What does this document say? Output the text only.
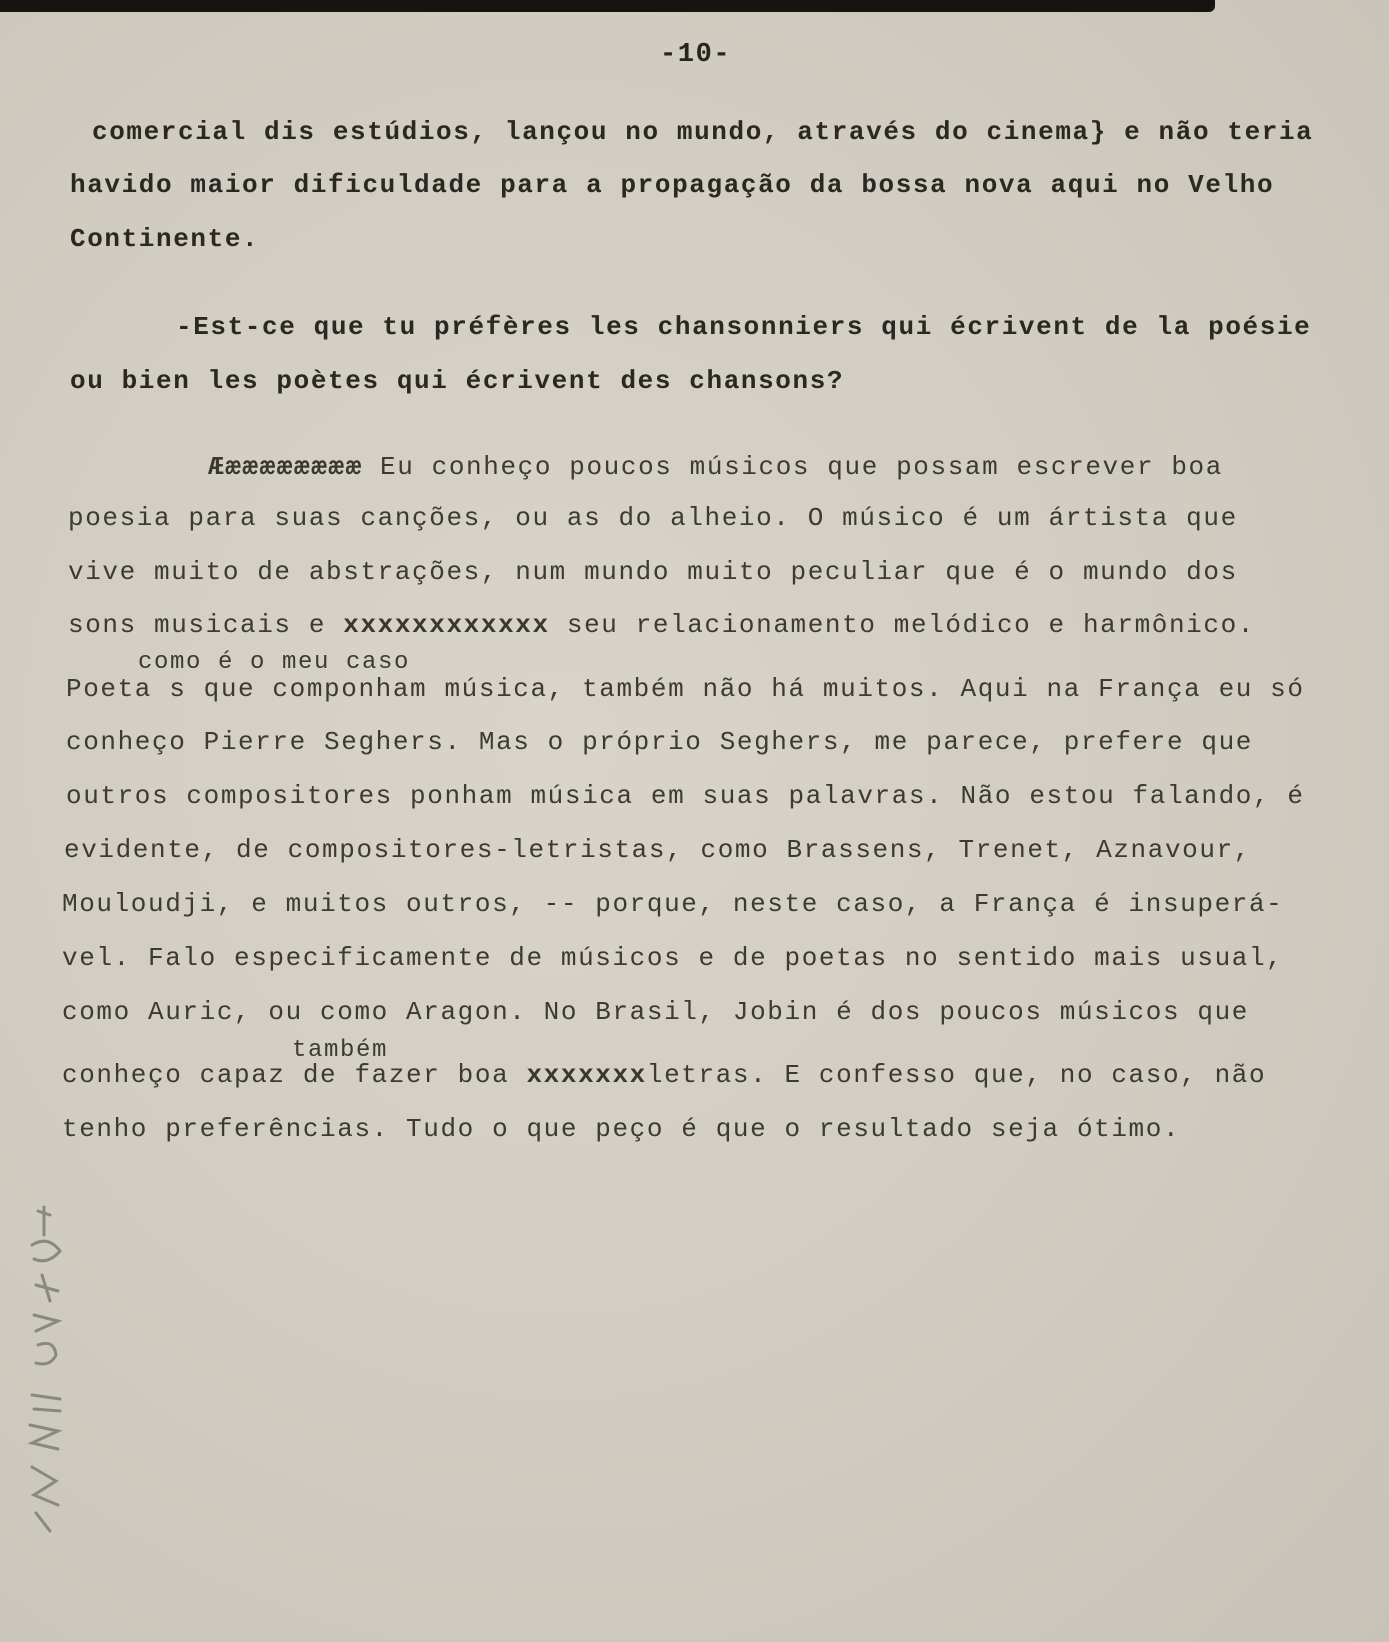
-10-
comercial dis estúdios, lançou no mundo, através do cinema} e não teria
havido maior dificuldade para a propagação da bossa nova aqui no Velho
Continente.
-Est-ce que tu préfères les chansonniers qui écrivent de la poésie
ou bien les poètes qui écrivent des chansons?
Æææææææææ Eu conheço poucos músicos que possam escrever boa
poesia para suas canções, ou as do alheio. O músico é um ártista que
vive muito de abstrações, num mundo muito peculiar que é o mundo dos
sons musicais e xxxxxxxxxxxx seu relacionamento melódico e harmônico.
como é o meu caso
Poeta s que componham música, também não há muitos. Aqui na França eu só
conheço Pierre Seghers. Mas o próprio Seghers, me parece, prefere que
outros compositores ponham música em suas palavras. Não estou falando, é
evidente, de compositores-letristas, como Brassens, Trenet, Aznavour,
Mouloudji, e muitos outros, -- porque, neste caso, a França é insuperá-
vel. Falo especificamente de músicos e de poetas no sentido mais usual,
como Auric, ou como Aragon. No Brasil, Jobin é dos poucos músicos que
também
conheço capaz de fazer boa xxxxxxxletras. E confesso que, no caso, não
tenho preferências. Tudo o que peço é que o resultado seja ótimo.
